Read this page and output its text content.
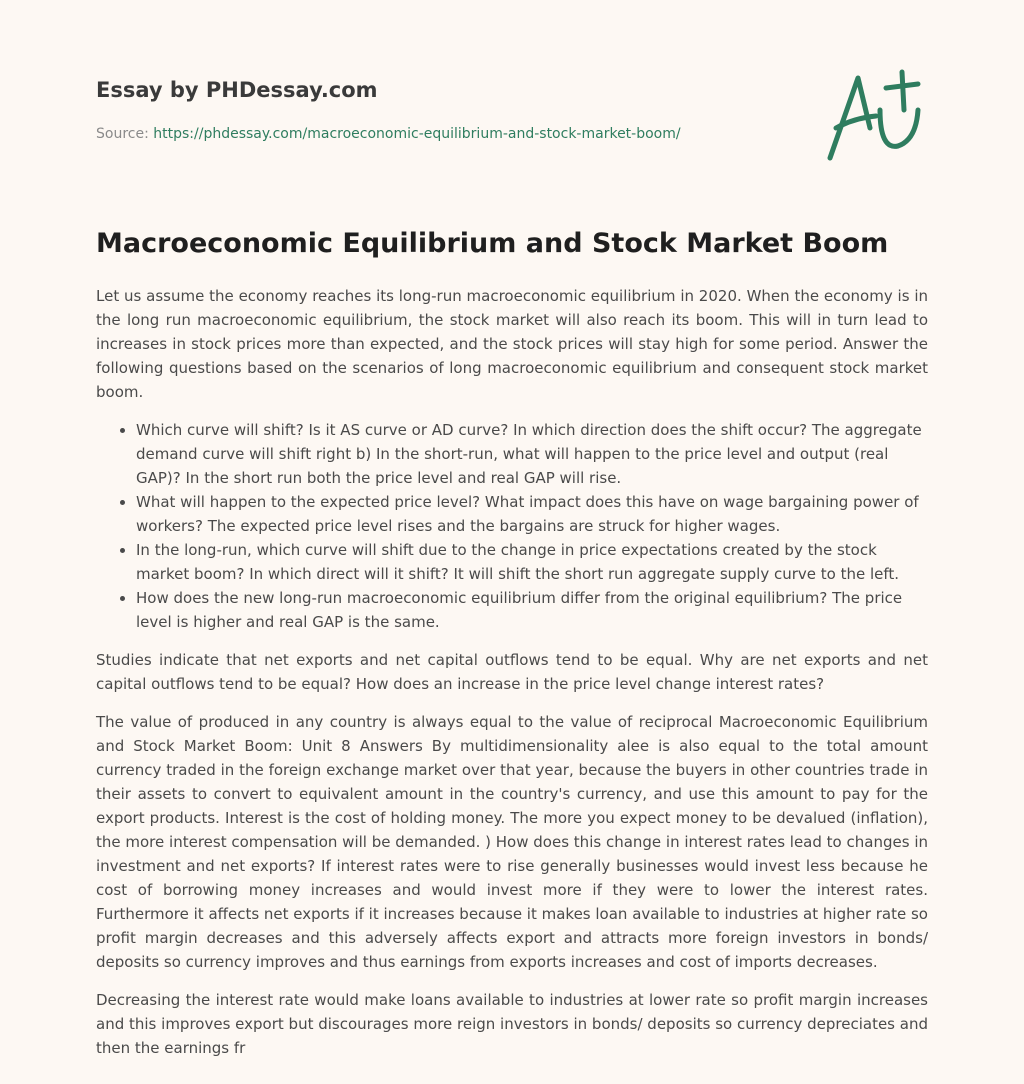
Essay by PHDessay.com
Source: https://phdessay.com/macroeconomic-equilibrium-and-stock-market-boom/
Macroeconomic Equilibrium and Stock Market Boom

Let us assume the economy reaches its long-run macroeconomic equilibrium in 2020. When the economy is in the long run macroeconomic equilibrium, the stock market will also reach its boom. This will in turn lead to increases in stock prices more than expected, and the stock prices will stay high for some period. Answer the following questions based on the scenarios of long macroeconomic equilibrium and consequent stock market boom.

• Which curve will shift? Is it AS curve or AD curve? In which direction does the shift occur? The aggregate demand curve will shift right b) In the short-run, what will happen to the price level and output (real GAP)? In the short run both the price level and real GAP will rise.
• What will happen to the expected price level? What impact does this have on wage bargaining power of workers? The expected price level rises and the bargains are struck for higher wages.
• In the long-run, which curve will shift due to the change in price expectations created by the stock market boom? In which direct will it shift? It will shift the short run aggregate supply curve to the left.
• How does the new long-run macroeconomic equilibrium differ from the original equilibrium? The price level is higher and real GAP is the same.

Studies indicate that net exports and net capital outflows tend to be equal. Why are net exports and net capital outflows tend to be equal? How does an increase in the price level change interest rates?

The value of produced in any country is always equal to the value of reciprocal Macroeconomic Equilibrium and Stock Market Boom: Unit 8 Answers By multidimensionality alee is also equal to the total amount currency traded in the foreign exchange market over that year, because the buyers in other countries trade in their assets to convert to equivalent amount in the country's currency, and use this amount to pay for the export products. Interest is the cost of holding money. The more you expect money to be devalued (inflation), the more interest compensation will be demanded. ) How does this change in interest rates lead to changes in investment and net exports? If interest rates were to rise generally businesses would invest less because he cost of borrowing money increases and would invest more if they were to lower the interest rates. Furthermore it affects net exports if it increases because it makes loan available to industries at higher rate so profit margin decreases and this adversely affects export and attracts more foreign investors in bonds/ deposits so currency improves and thus earnings from exports increases and cost of imports decreases.

Decreasing the interest rate would make loans available to industries at lower rate so profit margin increases and this improves export but discourages more reign investors in bonds/ deposits so currency depreciates and then the earnings fr
